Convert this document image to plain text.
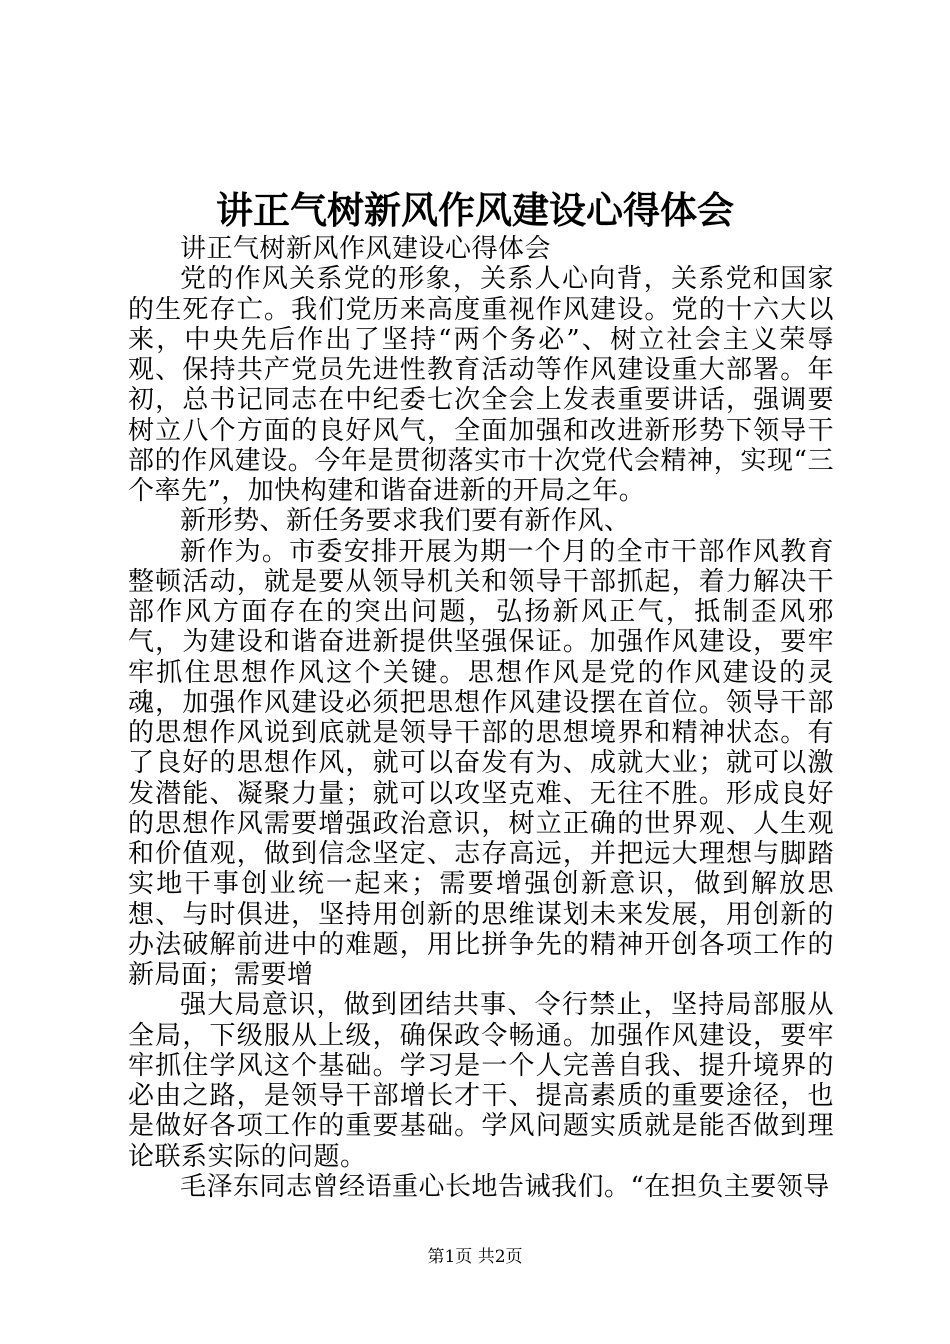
讲正气树新风作风建设心得体会

讲正气树新风作风建设心得体会

党的作风关系党的形象，关系人心向背，关系党和国家的生死存亡。我们党历来高度重视作风建设。党的十六大以来，中央先后作出了坚持“两个务必”、树立社会主义荣辱观、保持共产党员先进性教育活动等作风建设重大部署。年初，总书记同志在中纪委七次全会上发表重要讲话，强调要树立八个方面的良好风气，全面加强和改进新形势下领导干部的作风建设。今年是贯彻落实市十次党代会精神，实现“三个率先”，加快构建和谐奋进新的开局之年。

新形势、新任务要求我们要有新作风、

新作为。市委安排开展为期一个月的全市干部作风教育整顿活动，就是要从领导机关和领导干部抓起，着力解决干部作风方面存在的突出问题，弘扬新风正气，抵制歪风邪气，为建设和谐奋进新提供坚强保证。加强作风建设，要牢牢抓住思想作风这个关键。思想作风是党的作风建设的灵魂，加强作风建设必须把思想作风建设摆在首位。领导干部的思想作风说到底就是领导干部的思想境界和精神状态。有了良好的思想作风，就可以奋发有为、成就大业；就可以激发潜能、凝聚力量；就可以攻坚克难、无往不胜。形成良好的思想作风需要增强政治意识，树立正确的世界观、人生观和价值观，做到信念坚定、志存高远，并把远大理想与脚踏实地干事创业统一起来；需要增强创新意识，做到解放思想、与时俱进，坚持用创新的思维谋划未来发展，用创新的办法破解前进中的难题，用比拼争先的精神开创各项工作的新局面；需要增

强大局意识，做到团结共事、令行禁止，坚持局部服从全局，下级服从上级，确保政令畅通。加强作风建设，要牢牢抓住学风这个基础。学习是一个人完善自我、提升境界的必由之路，是领导干部增长才干、提高素质的重要途径，也是做好各项工作的重要基础。学风问题实质就是能否做到理论联系实际的问题。

毛泽东同志曾经语重心长地告诫我们。“在担负主要领导

第1页 共2页
